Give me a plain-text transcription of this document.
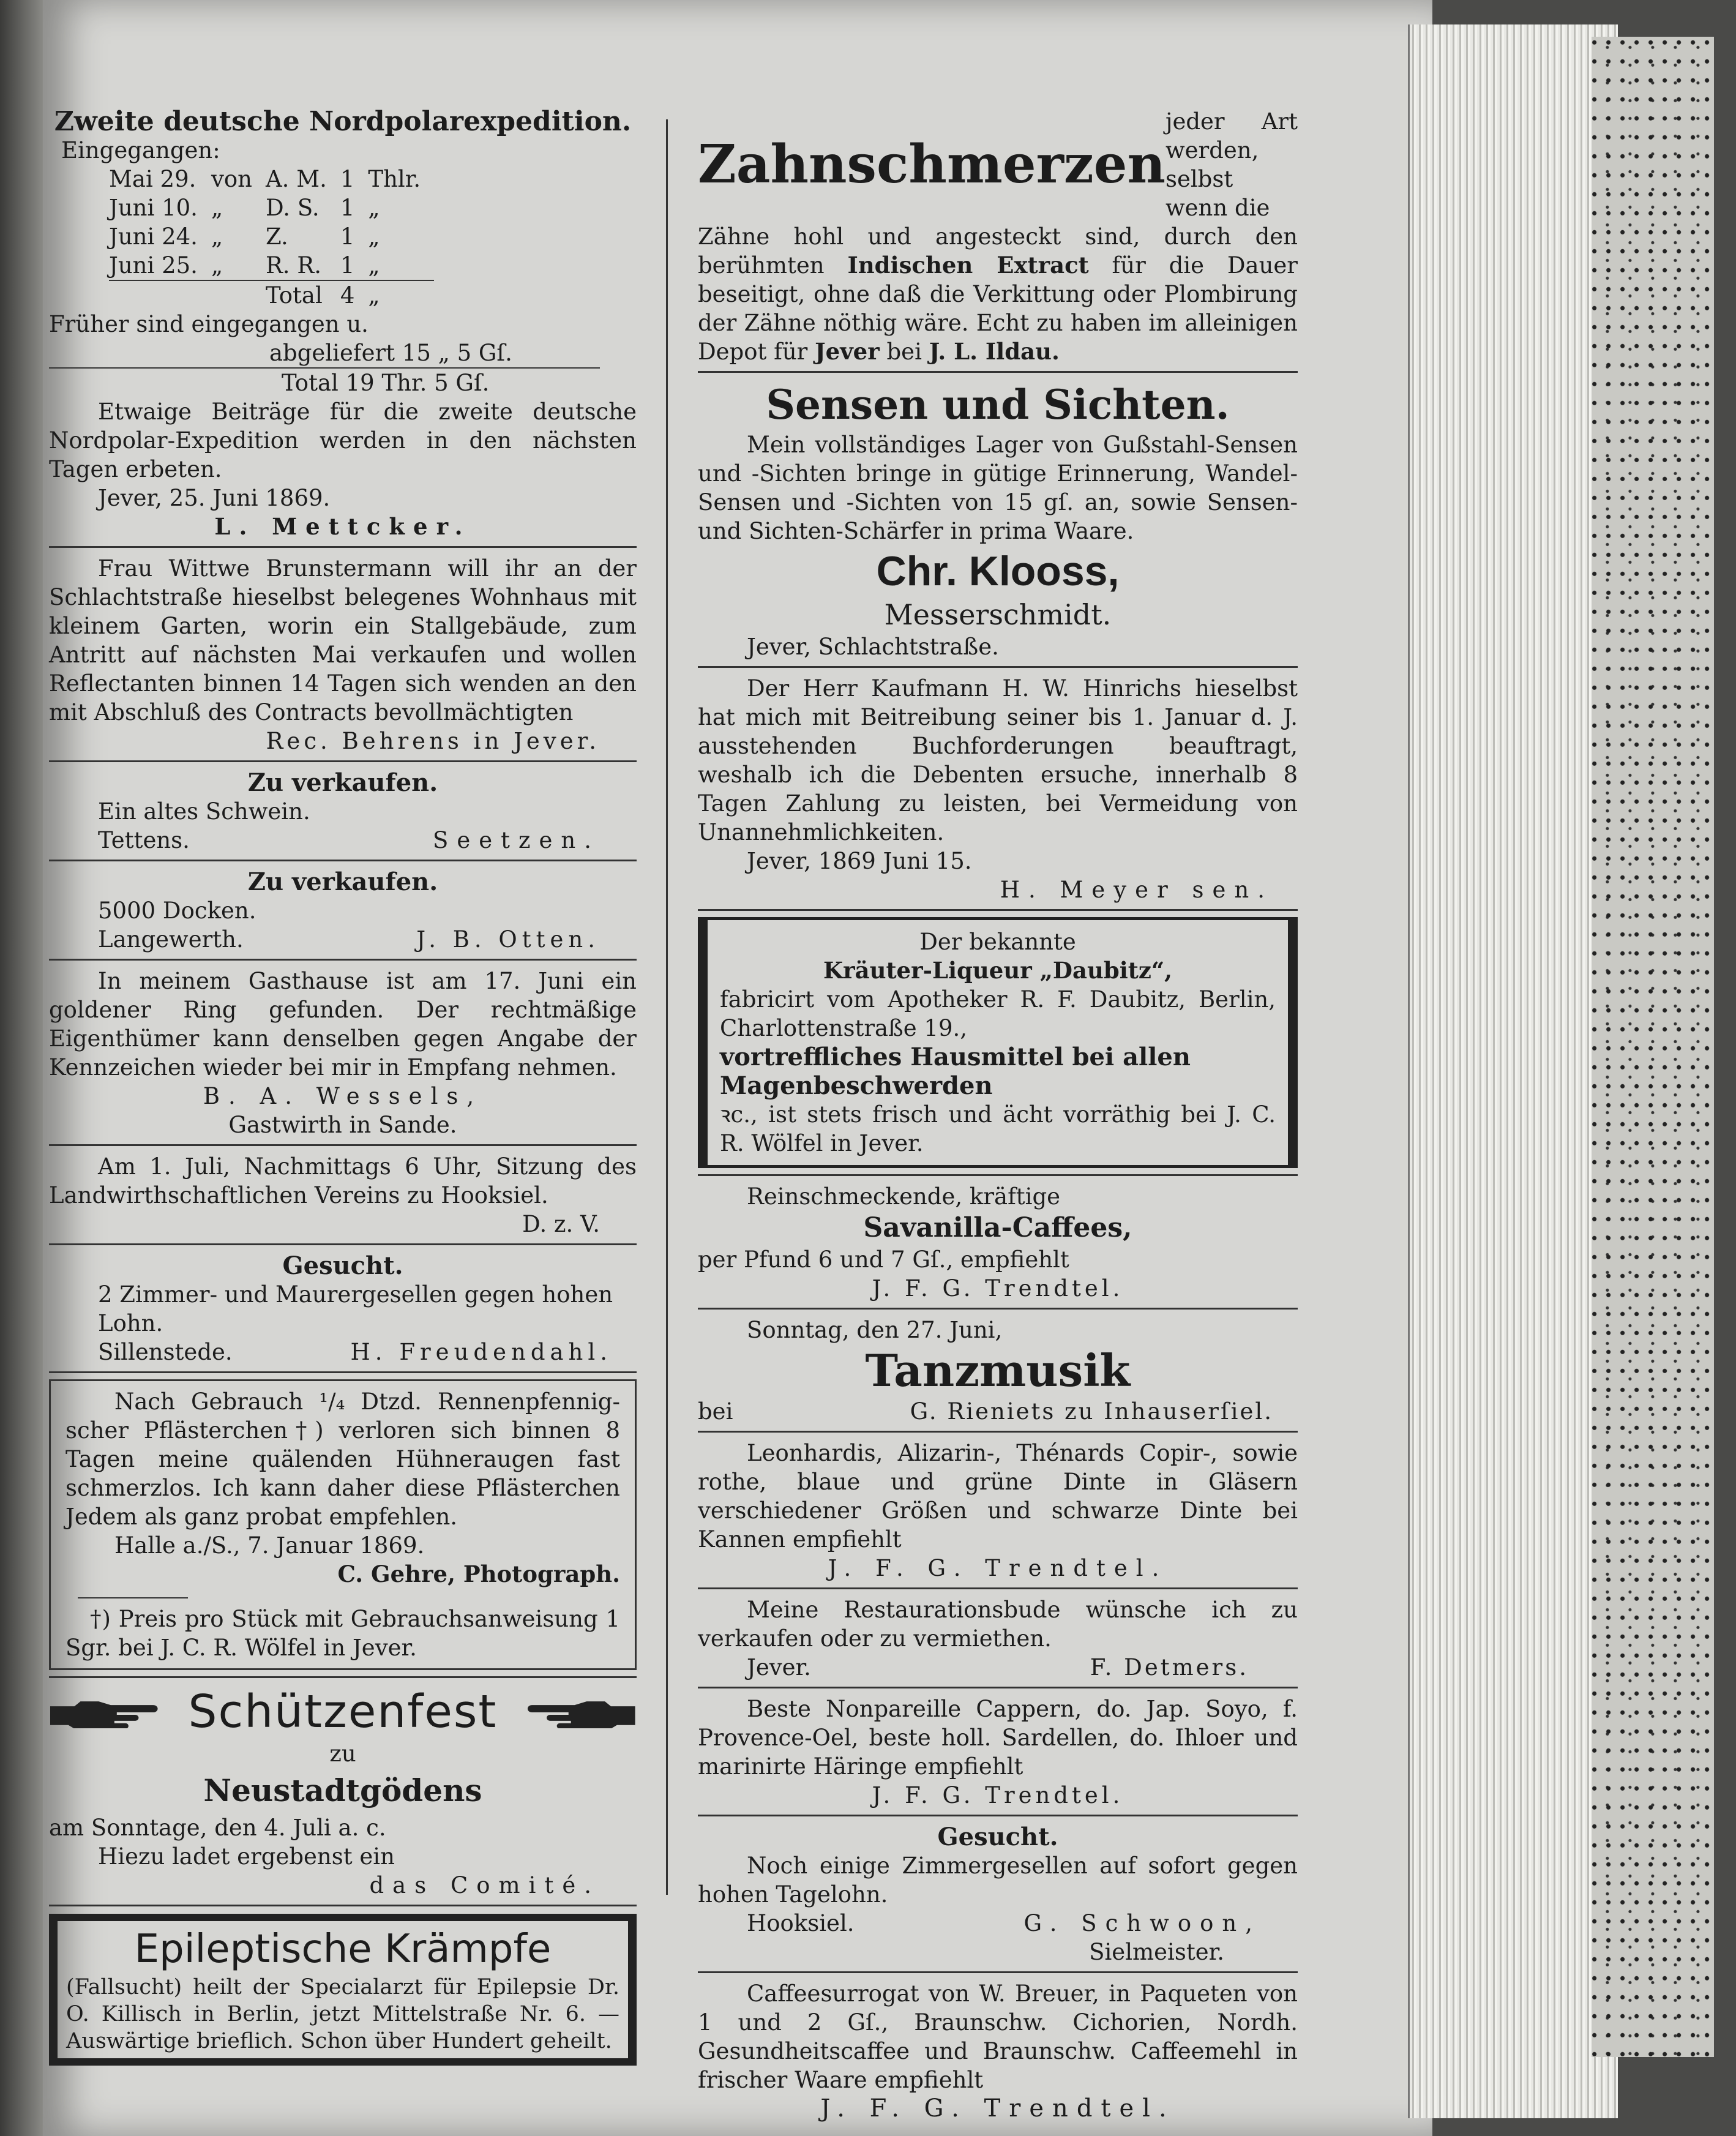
Zweite deutsche Nordpolarexpedition.
Eingegangen:
Mai 29.	von	A. M.	1	Thlr.
Juni 10.	„	D. S.	1	„
Juni 24.	„	Z.	1	„
Juni 25.	„	R. R.	1	„
		Total	4	„
Früher sind eingegangen u.
abgeliefert 15 „ 5 Gſ.
Total 19 Thr. 5 Gſ.
Etwaige Beiträge für die zweite deutsche Nordpolar-Expedition werden in den nächsten Tagen erbeten.
Jever, 25. Juni 1869.
L. Mettcker.
Frau Wittwe Brunstermann will ihr an der Schlachtstraße hieselbst belegenes Wohnhaus mit kleinem Garten, worin ein Stallgebäude, zum Antritt auf nächsten Mai verkaufen und wollen Reflectanten binnen 14 Tagen sich wenden an den mit Abschluß des Contracts bevollmächtigten
Rec. Behrens in Jever.
Zu verkaufen.
Ein altes Schwein.
Tettens.	Seetzen.
Zu verkaufen.
5000 Docken.
Langewerth.	J. B. Otten.
In meinem Gasthause ist am 17. Juni ein goldener Ring gefunden. Der rechtmäßige Eigenthümer kann denselben gegen Angabe der Kennzeichen wieder bei mir in Empfang nehmen.
B. A. Wessels,
Gastwirth in Sande.
Am 1. Juli, Nachmittags 6 Uhr, Sitzung des Landwirthschaftlichen Vereins zu Hooksiel.
D. z. V.
Gesucht.
2 Zimmer- und Maurergesellen gegen hohen Lohn.
Sillenstede.	H. Freudendahl.
Nach Gebrauch ¹/₄ Dtzd. Rennenpfennig-scher Pflästerchen†) verloren sich binnen 8 Tagen meine quälenden Hühneraugen fast schmerzlos. Ich kann daher diese Pflästerchen Jedem als ganz probat empfehlen.
Halle a./S., 7. Januar 1869.
C. Gehre, Photograph.
†) Preis pro Stück mit Gebrauchsanweisung 1 Sgr. bei J. C. R. Wölfel in Jever.
Schützenfest
zu
Neustadtgödens
am Sonntage, den 4. Juli a. c.
Hiezu ladet ergebenst ein
das Comité.
Epileptische Krämpfe
(Fallsucht) heilt der Specialarzt für Epilepsie Dr. O. Killisch in Berlin, jetzt Mittelstraße Nr. 6. — Auswärtige brieflich. Schon über Hundert geheilt.
Zahnschmerzen
jeder Art werden, selbst wenn die
Zähne hohl und angesteckt sind, durch den berühmten Indischen Extract für die Dauer beseitigt, ohne daß die Verkittung oder Plombirung der Zähne nöthig wäre. Echt zu haben im alleinigen Depot für Jever bei J. L. Ildau.
Sensen und Sichten.
Mein vollständiges Lager von Gußstahl-Sensen und -Sichten bringe in gütige Erinnerung, Wandel-Sensen und -Sichten von 15 gſ. an, sowie Sensen- und Sichten-Schärfer in prima Waare.
Chr. Klooss,
Messerschmidt.
Jever, Schlachtstraße.
Der Herr Kaufmann H. W. Hinrichs hieselbst hat mich mit Beitreibung seiner bis 1. Januar d. J. ausstehenden Buchforderungen beauftragt, weshalb ich die Debenten ersuche, innerhalb 8 Tagen Zahlung zu leisten, bei Vermeidung von Unannehmlichkeiten.
Jever, 1869 Juni 15.
H. Meyer sen.
Der bekannte
Kräuter-Liqueur „Daubitz“,
fabricirt vom Apotheker R. F. Daubitz, Berlin, Charlottenstraße 19.,
vortreffliches Hausmittel bei allen Magenbeschwerden
ꝛc., ist stets frisch und ächt vorräthig bei J. C. R. Wölfel in Jever.
Reinschmeckende, kräftige
Savanilla-Caffees,
per Pfund 6 und 7 Gſ., empfiehlt
J. F. G. Trendtel.
Sonntag, den 27. Juni,
Tanzmusik
bei	G. Rieniets zu Inhauserſiel.
Leonhardis, Alizarin-, Thénards Copir-, sowie rothe, blaue und grüne Dinte in Gläsern verschiedener Größen und schwarze Dinte bei Kannen empfiehlt
J. F. G. Trendtel.
Meine Restaurationsbude wünsche ich zu verkaufen oder zu vermiethen.
Jever.	F. Detmers.
Beste Nonpareille Cappern, do. Jap. Soyo, f. Provence-Oel, beste holl. Sardellen, do. Ihloer und marinirte Häringe empfiehlt
J. F. G. Trendtel.
Gesucht.
Noch einige Zimmergesellen auf sofort gegen hohen Tagelohn.
Hooksiel.	G. Schwoon,
Sielmeister.
Caffeesurrogat von W. Breuer, in Paqueten von 1 und 2 Gſ., Braunschw. Cichorien, Nordh. Gesundheitscaffee und Braunschw. Caffeemehl in frischer Waare empfiehlt
J. F. G. Trendtel.
